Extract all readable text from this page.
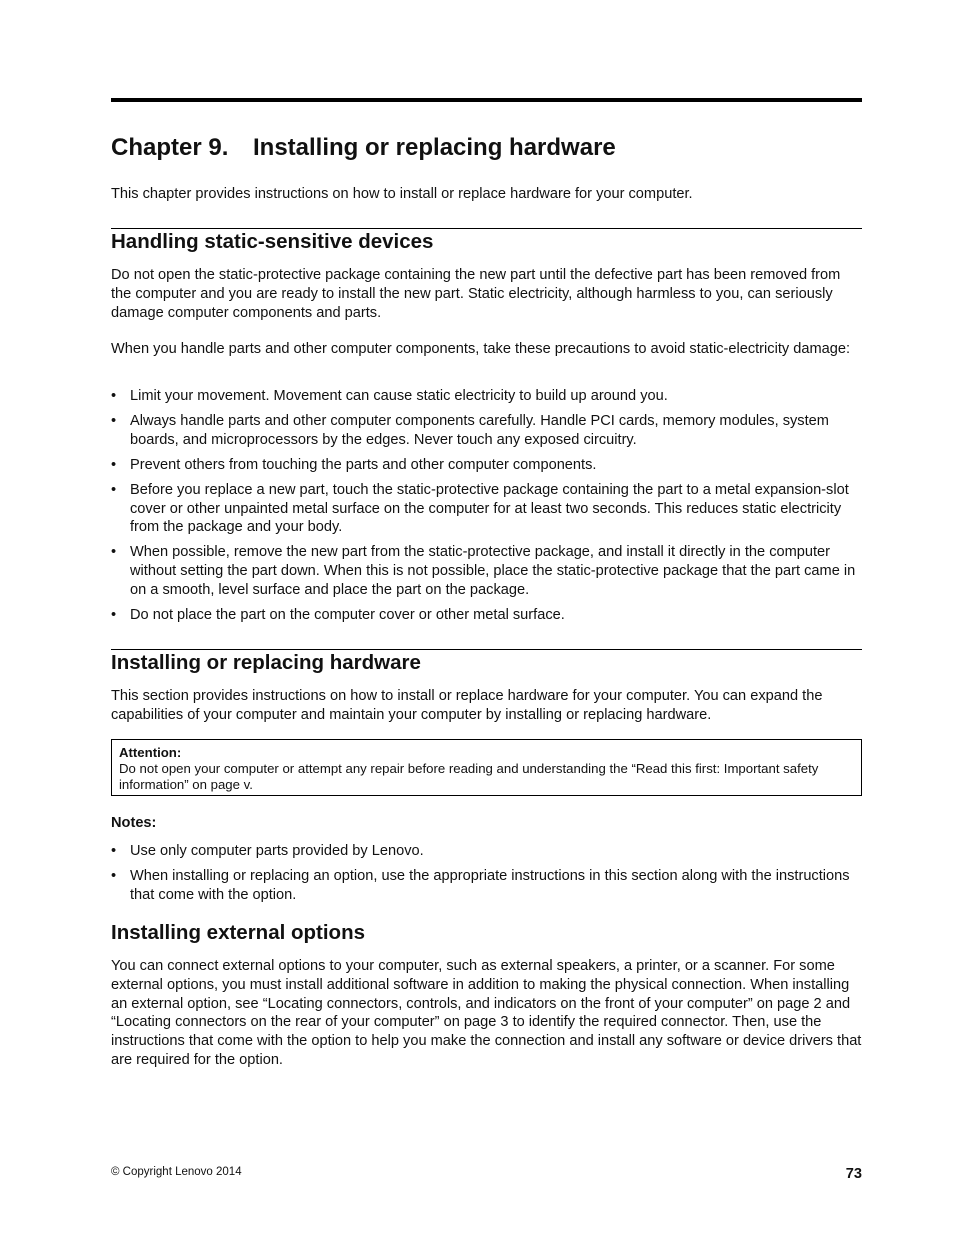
Chapter 9. Installing or replacing hardware

This chapter provides instructions on how to install or replace hardware for your computer.

Handling static-sensitive devices

Do not open the static-protective package containing the new part until the defective part has been removed from the computer and you are ready to install the new part. Static electricity, although harmless to you, can seriously damage computer components and parts.

When you handle parts and other computer components, take these precautions to avoid static-electricity damage:

• Limit your movement. Movement can cause static electricity to build up around you.
• Always handle parts and other computer components carefully. Handle PCI cards, memory modules, system boards, and microprocessors by the edges. Never touch any exposed circuitry.
• Prevent others from touching the parts and other computer components.
• Before you replace a new part, touch the static-protective package containing the part to a metal expansion-slot cover or other unpainted metal surface on the computer for at least two seconds. This reduces static electricity from the package and your body.
• When possible, remove the new part from the static-protective package, and install it directly in the computer without setting the part down. When this is not possible, place the static-protective package that the part came in on a smooth, level surface and place the part on the package.
• Do not place the part on the computer cover or other metal surface.
Installing or replacing hardware

This section provides instructions on how to install or replace hardware for your computer. You can expand the capabilities of your computer and maintain your computer by installing or replacing hardware.

Attention:
Do not open your computer or attempt any repair before reading and understanding the “Read this first: Important safety information” on page v.
Notes:
• Use only computer parts provided by Lenovo.
• When installing or replacing an option, use the appropriate instructions in this section along with the instructions that come with the option.
Installing external options

You can connect external options to your computer, such as external speakers, a printer, or a scanner. For some external options, you must install additional software in addition to making the physical connection. When installing an external option, see “Locating connectors, controls, and indicators on the front of your computer” on page 2 and “Locating connectors on the rear of your computer” on page 3 to identify the required connector. Then, use the instructions that come with the option to help you make the connection and install any software or device drivers that are required for the option.

© Copyright Lenovo 2014	73
